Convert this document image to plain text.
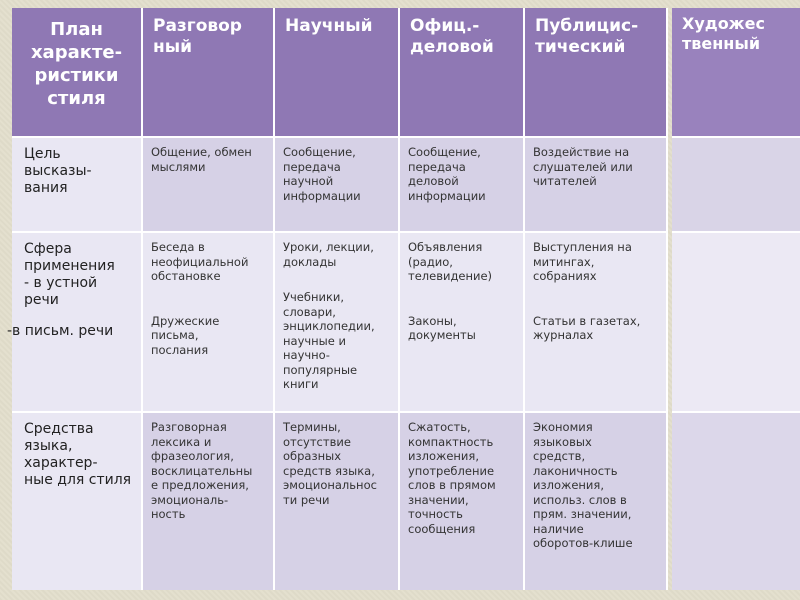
План
характе-
ристики
стиля
Разговор
ный
Научный	Офиц.-
деловой
Публицис-
тический
Цель
высказы-
вания
Общение, обмен
мыслями
Сообщение,
передача
научной
информации
Сообщение,
передача
деловой
информации
Воздействие на
слушателей или
читателей
Сфера
применения
- в устной
речи
-в письм. речи
Беседа в
неофициальной
обстановке
Дружеские
письма,
послания
Уроки, лекции,
доклады
Учебники,
словари,
энциклопедии,
научные и
научно-
популярные
книги
Объявления
(радио,
телевидение)
Законы,
документы
Выступления на
митингах,
собраниях
Статьи в газетах,
журналах
Средства
языка,
характер-
ные для стиля
Разговорная
лексика и
фразеология,
восклицательны
е предложения,
эмоциональ-
ность
Термины,
отсутствие
образных
средств языка,
эмоциональнос
ти речи
Сжатость,
компактность
изложения,
употребление
слов в прямом
значении,
точность
сообщения
Экономия
языковых
средств,
лаконичность
изложения,
использ. слов в
прям. значении,
наличие
оборотов-клише
Художес
твенный
